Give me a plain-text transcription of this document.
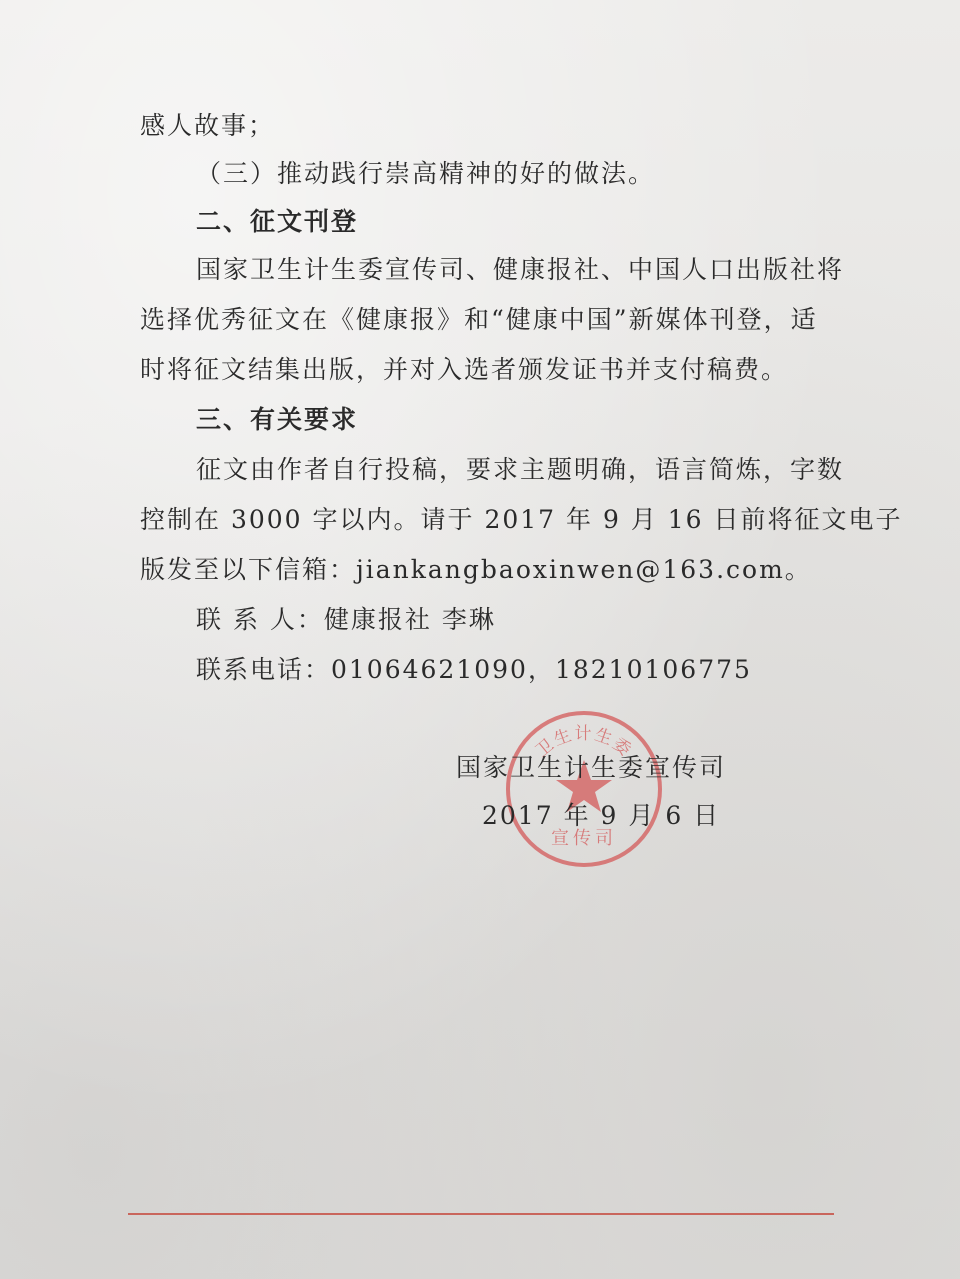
感人故事；
（三）推动践行崇高精神的好的做法。
二、征文刊登
国家卫生计生委宣传司、健康报社、中国人口出版社将
选择优秀征文在《健康报》和“健康中国”新媒体刊登，适
时将征文结集出版，并对入选者颁发证书并支付稿费。
三、有关要求
征文由作者自行投稿，要求主题明确，语言简炼，字数
控制在 3000 字以内。请于 2017 年 9 月 16 日前将征文电子
版发至以下信箱：jiankangbaoxinwen@163.com。
联 系 人：健康报社 李琳
联系电话：01064621090，18210106775
卫生计生委
宣传司
国家卫生计生委宣传司
2017 年 9 月 6 日
